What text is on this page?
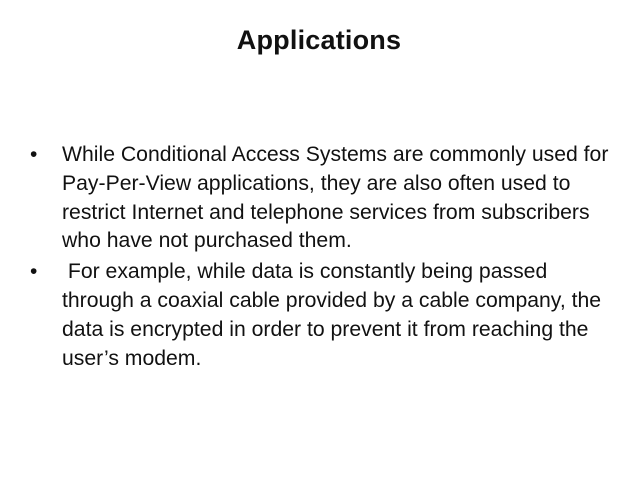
Applications
•	While Conditional Access Systems are commonly used for Pay-Per-View applications, they are also often used to restrict Internet and telephone services from subscribers who have not purchased them.
•	For example, while data is constantly being passed through a coaxial cable provided by a cable company, the data is encrypted in order to prevent it from reaching the user’s modem.
